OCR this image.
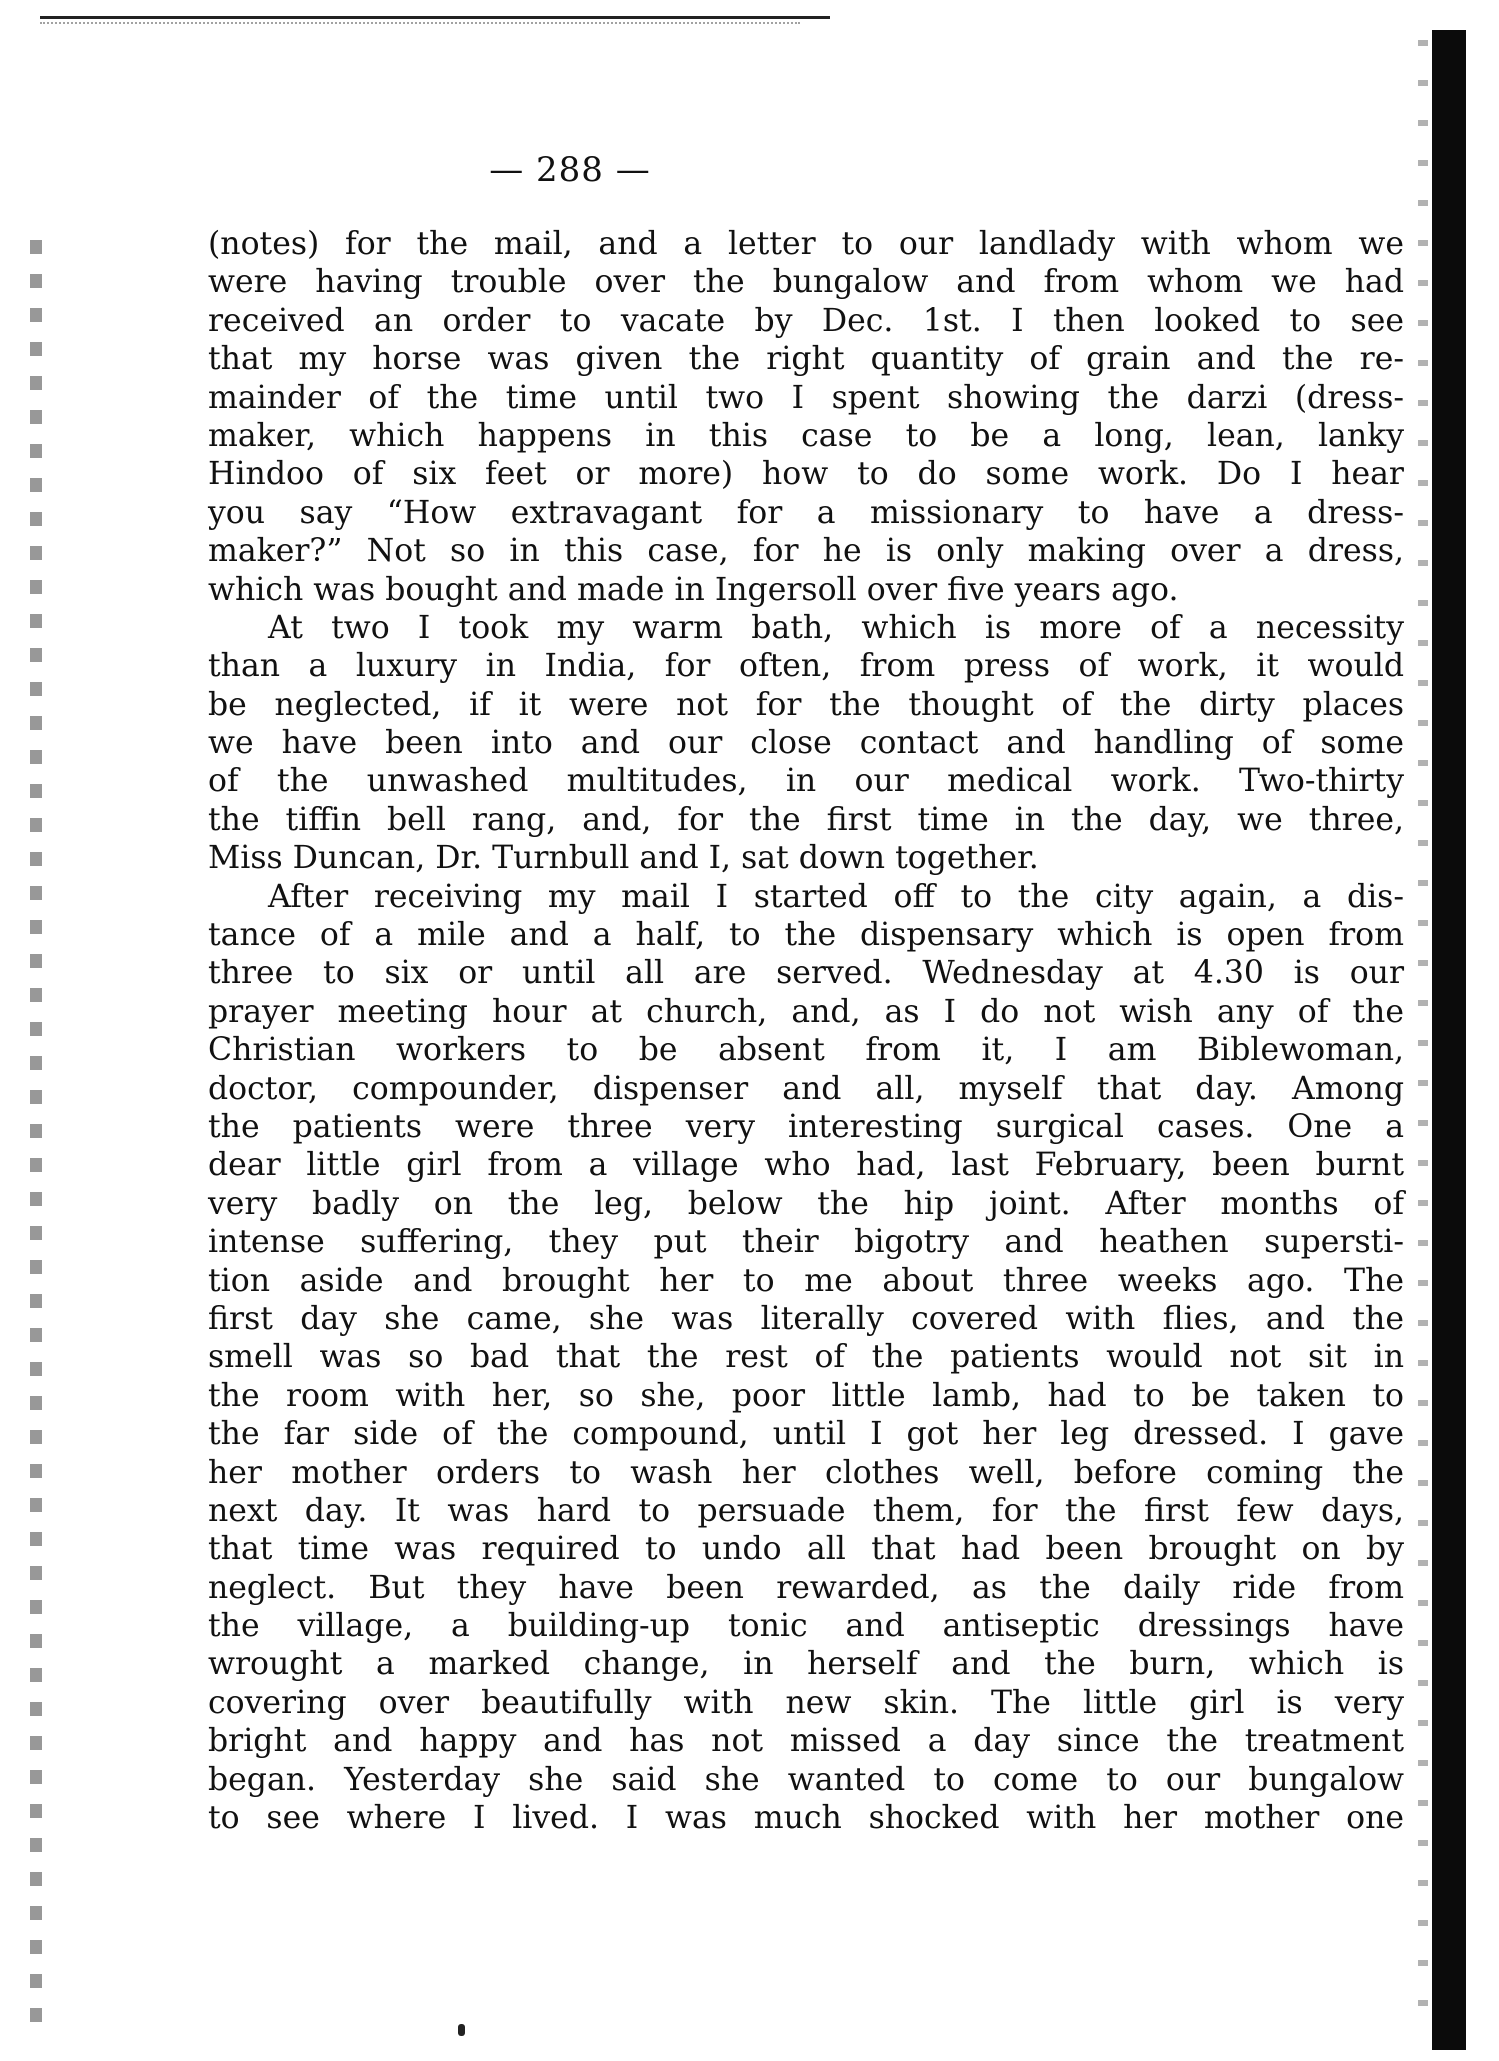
— 288 —
(notes) for the mail, and a letter to our landlady with whom we
were having trouble over the bungalow and from whom we had
received an order to vacate by Dec. 1st. I then looked to see
that my horse was given the right quantity of grain and the re-
mainder of the time until two I spent showing the darzi (dress-
maker, which happens in this case to be a long, lean, lanky
Hindoo of six feet or more) how to do some work. Do I hear
you say “How extravagant for a missionary to have a dress-
maker?” Not so in this case, for he is only making over a dress,
which was bought and made in Ingersoll over five years ago.
At two I took my warm bath, which is more of a necessity
than a luxury in India, for often, from press of work, it would
be neglected, if it were not for the thought of the dirty places
we have been into and our close contact and handling of some
of the unwashed multitudes, in our medical work. Two-thirty
the tiffin bell rang, and, for the first time in the day, we three,
Miss Duncan, Dr. Turnbull and I, sat down together.
After receiving my mail I started off to the city again, a dis-
tance of a mile and a half, to the dispensary which is open from
three to six or until all are served. Wednesday at 4.30 is our
prayer meeting hour at church, and, as I do not wish any of the
Christian workers to be absent from it, I am Biblewoman,
doctor, compounder, dispenser and all, myself that day. Among
the patients were three very interesting surgical cases. One a
dear little girl from a village who had, last February, been burnt
very badly on the leg, below the hip joint. After months of
intense suffering, they put their bigotry and heathen supersti-
tion aside and brought her to me about three weeks ago. The
first day she came, she was literally covered with flies, and the
smell was so bad that the rest of the patients would not sit in
the room with her, so she, poor little lamb, had to be taken to
the far side of the compound, until I got her leg dressed. I gave
her mother orders to wash her clothes well, before coming the
next day. It was hard to persuade them, for the first few days,
that time was required to undo all that had been brought on by
neglect. But they have been rewarded, as the daily ride from
the village, a building-up tonic and antiseptic dressings have
wrought a marked change, in herself and the burn, which is
covering over beautifully with new skin. The little girl is very
bright and happy and has not missed a day since the treatment
began. Yesterday she said she wanted to come to our bungalow
to see where I lived. I was much shocked with her mother one
